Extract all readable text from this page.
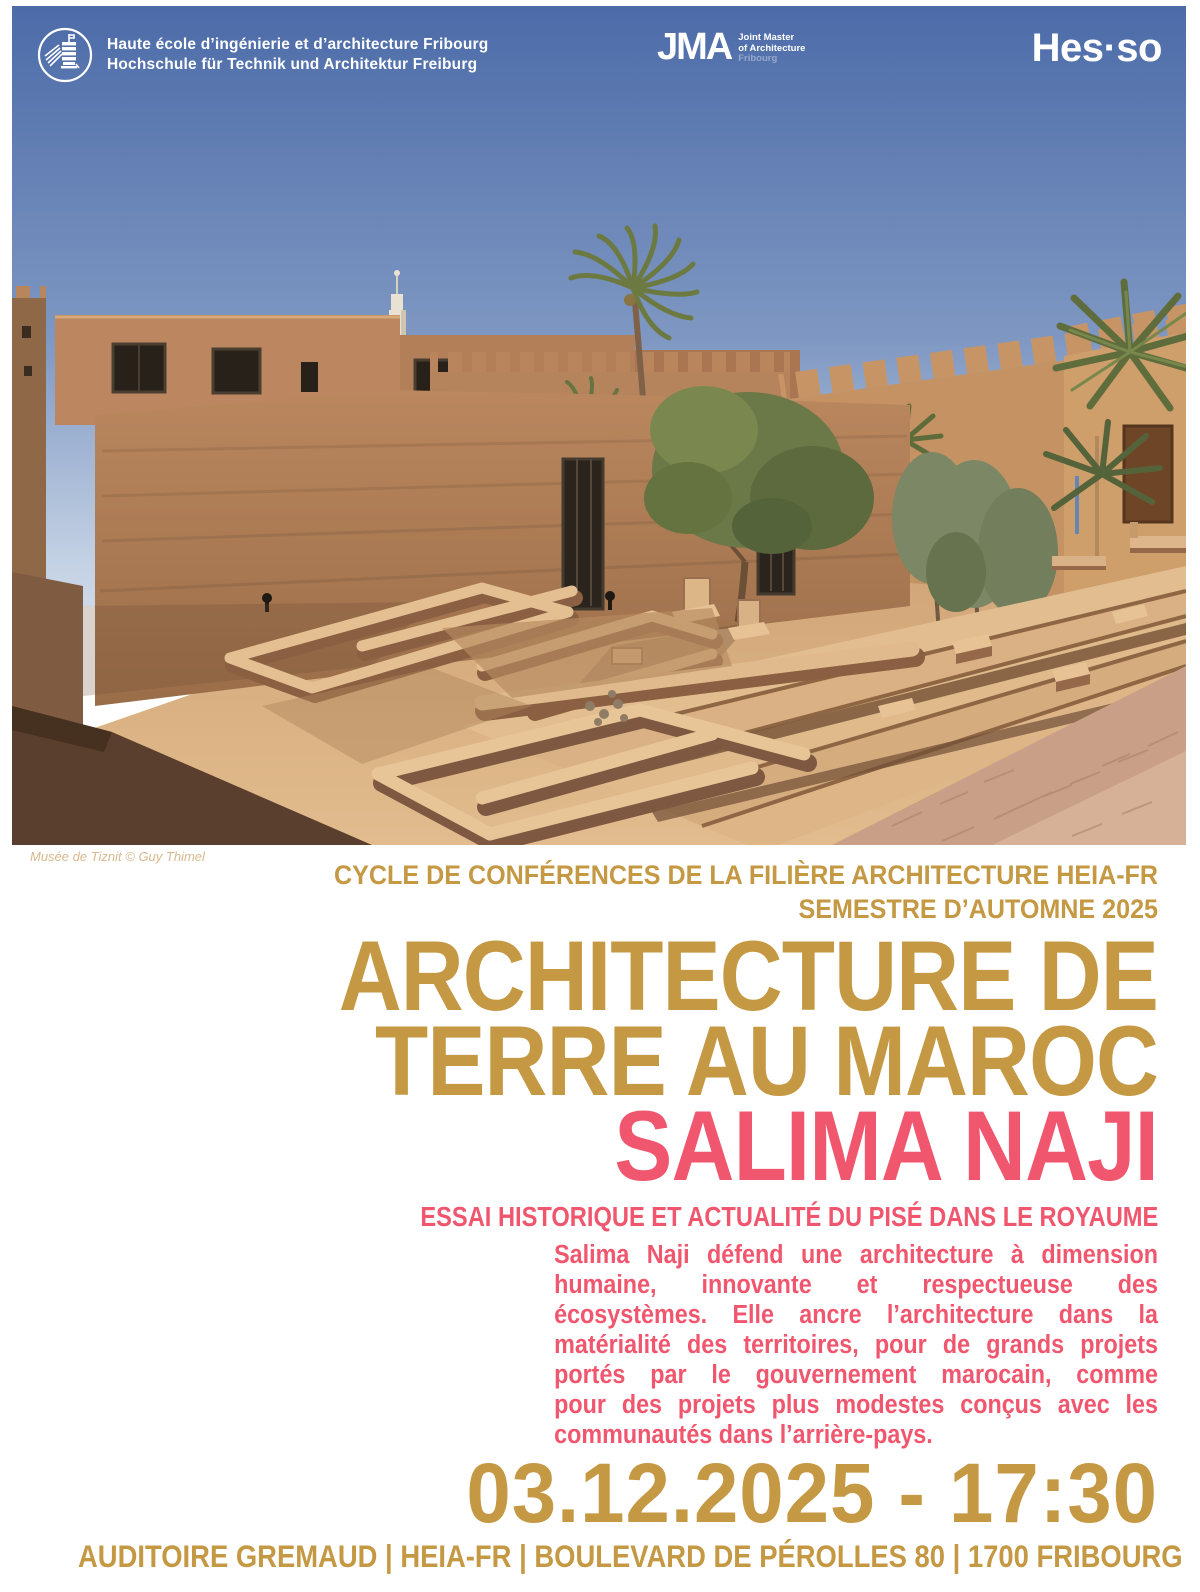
Haute école d’ingénierie et d’architecture Fribourg
Hochschule für Technik und Architektur Freiburg	JMA Joint Master
of Architecture
Fribourg	Hes·so
Musée de Tiznit © Guy Thimel
CYCLE DE CONFÉRENCES DE LA FILIÈRE ARCHITECTURE HEIA-FR
SEMESTRE D’AUTOMNE 2025
ARCHITECTURE DE
TERRE AU MAROC
SALIMA NAJI
ESSAI HISTORIQUE ET ACTUALITÉ DU PISÉ DANS LE ROYAUME
Salima Naji défend une architecture à dimension
humaine, innovante et respectueuse des
écosystèmes. Elle ancre l’architecture dans la
matérialité des territoires, pour de grands projets
portés par le gouvernement marocain, comme
pour des projets plus modestes conçus avec les
communautés dans l’arrière-pays.
03.12.2025 - 17:30
AUDITOIRE GREMAUD | HEIA-FR | BOULEVARD DE PÉROLLES 80 | 1700 FRIBOURG
